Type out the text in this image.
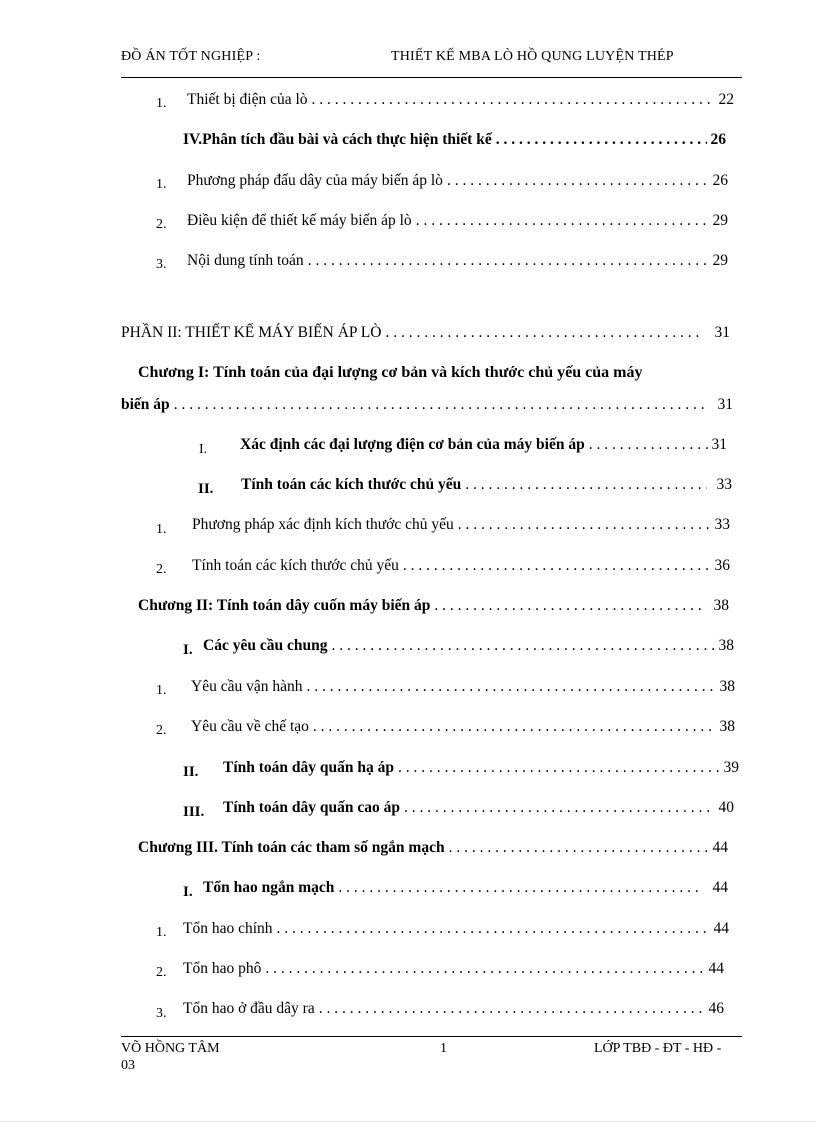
ĐỒ ÁN TỐT NGHIỆP :	THIẾT KẾ MBA LÒ HỒ QUNG LUYỆN THÉP
1. Thiết bị điện của lò . . .	22
IV.Phân tích đầu bài và cách thực hiện thiết kế . . .	26
1. Phương pháp đấu dây của máy biến áp lò . . .	26
2. Điều kiện để thiết kế máy biến áp lò . . .	29
3. Nội dung tính toán . . .	29
PHẦN II: THIẾT KẾ MÁY BIẾN ÁP LÒ . . .	31
Chương I: Tính toán của đại lượng cơ bản và kích thước chủ yếu của máy
biến áp . . .	31
I. Xác định các đại lượng điện cơ bản của máy biến áp . . .	31
II. Tính toán các kích thước chủ yếu . . .	33
1. Phương pháp xác định kích thước chủ yếu . . .	33
2. Tính toán các kích thước chủ yếu . . .	36
Chương II: Tính toán dây cuốn máy biến áp . . .	38
I. Các yêu cầu chung . . .	38
1. Yêu cầu vận hành . . .	38
2. Yêu cầu về chế tạo . . .	38
II. Tính toán dây quấn hạ áp . . .	39
III. Tính toán dây quấn cao áp . . .	40
Chương III. Tính toán các tham số ngắn mạch . . .	44
I. Tổn hao ngắn mạch . . .	44
1. Tổn hao chính . . .	44
2. Tổn hao phô . . .	44
3. Tổn hao ở đầu dây ra . . .	46
VÕ HỒNG TÂM	1	LỚP TBĐ - ĐT - HĐ -
03
